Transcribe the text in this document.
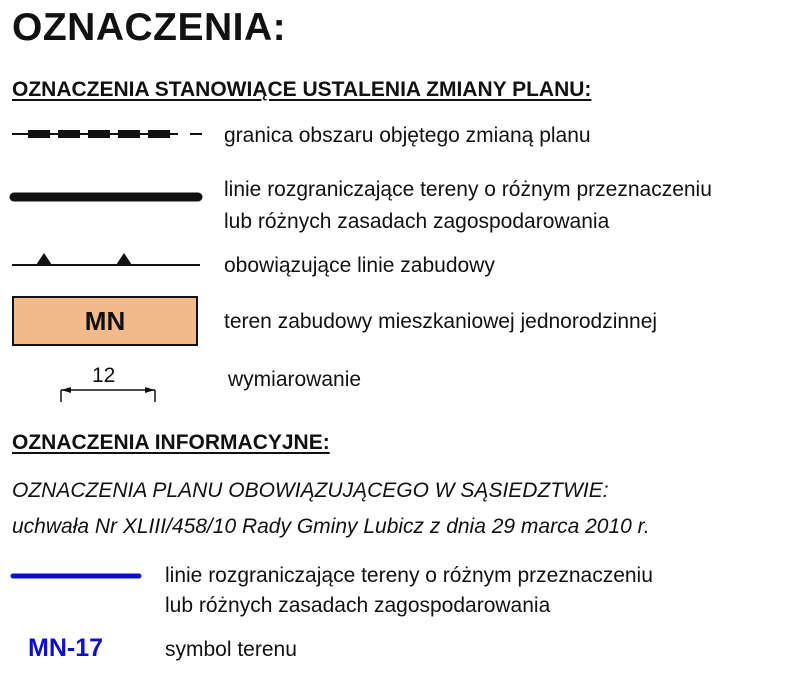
OZNACZENIA:
OZNACZENIA STANOWIĄCE USTALENIA ZMIANY PLANU:
granica obszaru objętego zmianą planu
linie rozgraniczające tereny o różnym przeznaczeniu
lub różnych zasadach zagospodarowania
obowiązujące linie zabudowy
MN	teren zabudowy mieszkaniowej jednorodzinnej
12	wymiarowanie
OZNACZENIA INFORMACYJNE:
OZNACZENIA PLANU OBOWIĄZUJĄCEGO W SĄSIEDZTWIE:
uchwała Nr XLIII/458/10 Rady Gminy Lubicz z dnia 29 marca 2010 r.
linie rozgraniczające tereny o różnym przeznaczeniu
lub różnych zasadach zagospodarowania
MN-17	symbol terenu
